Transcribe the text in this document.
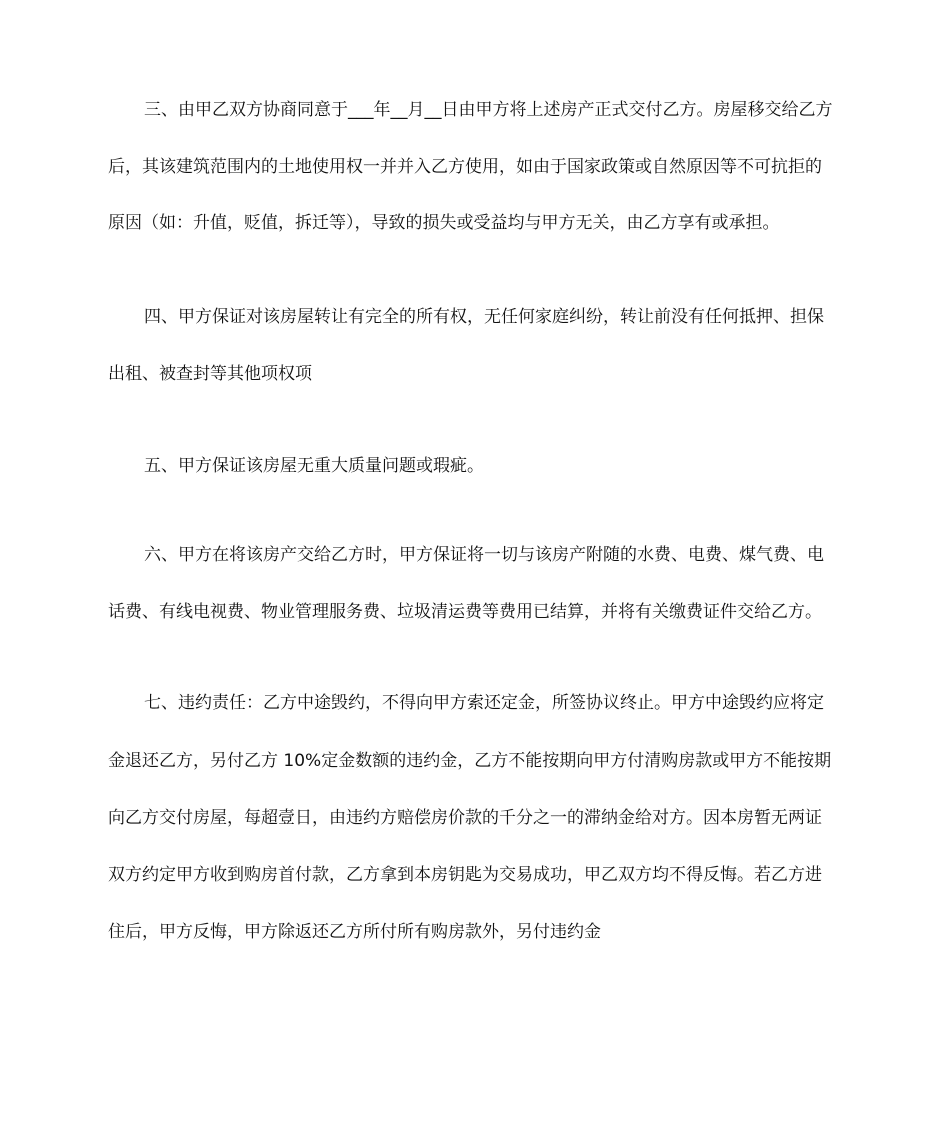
三、由甲乙双方协商同意于___年__月__日由甲方将上述房产正式交付乙方。房屋移交给乙方
后，其该建筑范围内的土地使用权一并并入乙方使用，如由于国家政策或自然原因等不可抗拒的
原因（如：升值，贬值，拆迁等），导致的损失或受益均与甲方无关，由乙方享有或承担。
四、甲方保证对该房屋转让有完全的所有权，无任何家庭纠纷，转让前没有任何抵押、担保
出租、被查封等其他项权项
五、甲方保证该房屋无重大质量问题或瑕疵。
六、甲方在将该房产交给乙方时，甲方保证将一切与该房产附随的水费、电费、煤气费、电
话费、有线电视费、物业管理服务费、垃圾清运费等费用已结算，并将有关缴费证件交给乙方。
七、违约责任：乙方中途毁约，不得向甲方索还定金，所签协议终止。甲方中途毁约应将定
金退还乙方，另付乙方 10%定金数额的违约金，乙方不能按期向甲方付清购房款或甲方不能按期
向乙方交付房屋，每超壹日，由违约方赔偿房价款的千分之一的滞纳金给对方。因本房暂无两证
双方约定甲方收到购房首付款，乙方拿到本房钥匙为交易成功，甲乙双方均不得反悔。若乙方进
住后，甲方反悔，甲方除返还乙方所付所有购房款外，另付违约金
